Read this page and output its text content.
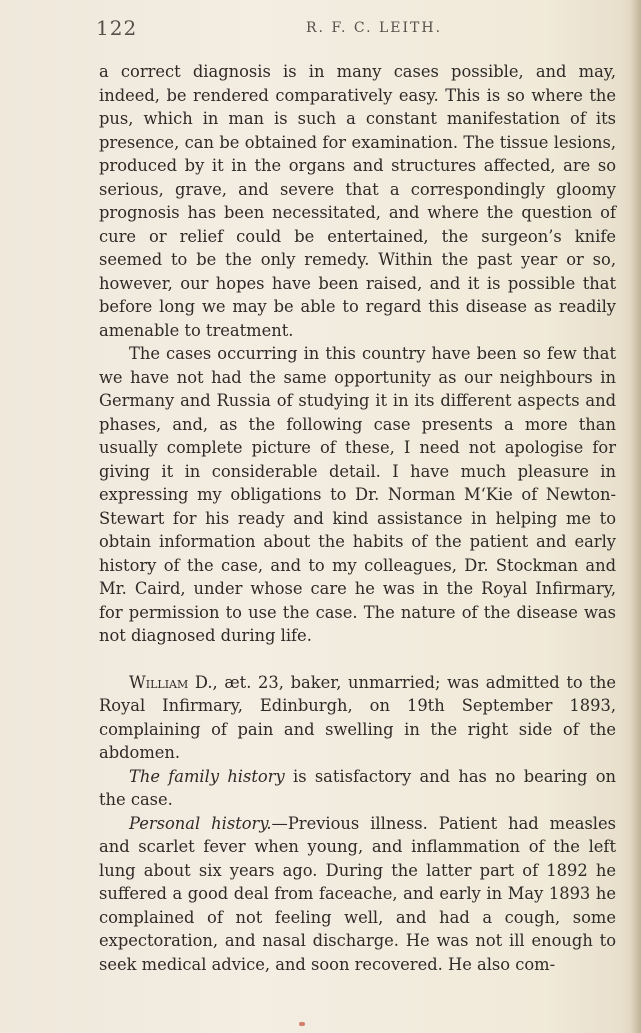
122	R. F. C. LEITH.

a correct diagnosis is in many cases possible, and may, indeed, be rendered comparatively easy. This is so where the pus, which in man is such a constant manifestation of its presence, can be obtained for examination. The tissue lesions, produced by it in the organs and structures affected, are so serious, grave, and severe that a correspondingly gloomy prognosis has been necessitated, and where the question of cure or relief could be entertained, the surgeon’s knife seemed to be the only remedy. Within the past year or so, however, our hopes have been raised, and it is possible that before long we may be able to regard this disease as readily amenable to treatment.

The cases occurring in this country have been so few that we have not had the same opportunity as our neighbours in Germany and Russia of studying it in its different aspects and phases, and, as the following case presents a more than usually complete picture of these, I need not apologise for giving it in considerable detail. I have much pleasure in expressing my obligations to Dr. Norman M‘Kie of Newton-Stewart for his ready and kind assistance in helping me to obtain information about the habits of the patient and early history of the case, and to my colleagues, Dr. Stockman and Mr. Caird, under whose care he was in the Royal Infirmary, for permission to use the case. The nature of the disease was not diagnosed during life.

William D., æt. 23, baker, unmarried; was admitted to the Royal Infirmary, Edinburgh, on 19th September 1893, complaining of pain and swelling in the right side of the abdomen.

The family history is satisfactory and has no bearing on the case.

Personal history.—Previous illness. Patient had measles and scarlet fever when young, and inflammation of the left lung about six years ago. During the latter part of 1892 he suffered a good deal from faceache, and early in May 1893 he complained of not feeling well, and had a cough, some expectoration, and nasal discharge. He was not ill enough to seek medical advice, and soon recovered. He also com-
